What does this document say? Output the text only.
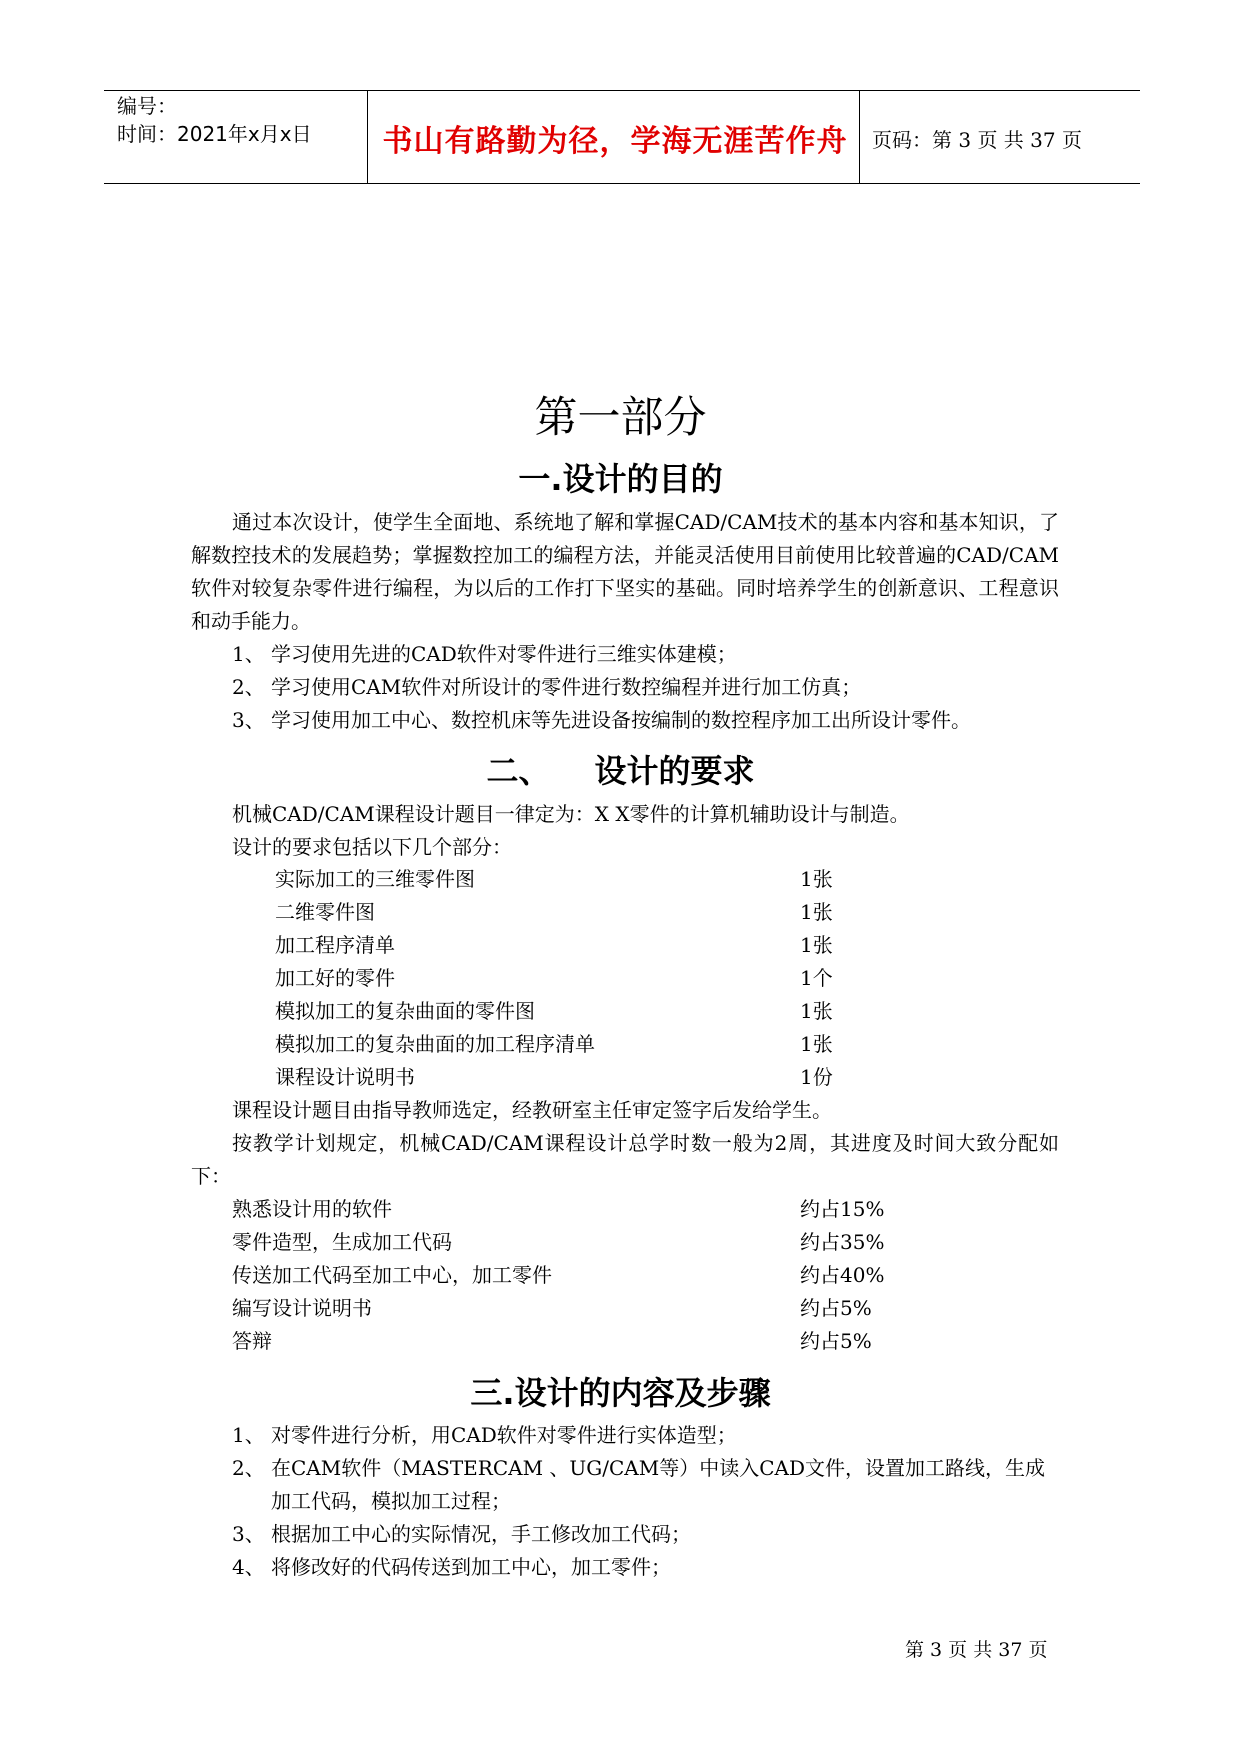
编号：
时间：2021年x月x日	书山有路勤为径，学海无涯苦作舟	页码：第 3 页 共 37 页
第一部分
一.设计的目的
通过本次设计，使学生全面地、系统地了解和掌握CAD/CAM技术的基本内容和基本知识，了解数控技术的发展趋势；掌握数控加工的编程方法，并能灵活使用目前使用比较普遍的CAD/CAM软件对较复杂零件进行编程，为以后的工作打下坚实的基础。同时培养学生的创新意识、工程意识和动手能力。
1、 学习使用先进的CAD软件对零件进行三维实体建模；
2、 学习使用CAM软件对所设计的零件进行数控编程并进行加工仿真；
3、 学习使用加工中心、数控机床等先进设备按编制的数控程序加工出所设计零件。
二、 设计的要求
机械CAD/CAM课程设计题目一律定为：X X零件的计算机辅助设计与制造。
设计的要求包括以下几个部分：
实际加工的三维零件图	1张
二维零件图	1张
加工程序清单	1张
加工好的零件	1个
模拟加工的复杂曲面的零件图	1张
模拟加工的复杂曲面的加工程序清单	1张
课程设计说明书	1份
课程设计题目由指导教师选定，经教研室主任审定签字后发给学生。
按教学计划规定，机械CAD/CAM课程设计总学时数一般为2周，其进度及时间大致分配如下：
熟悉设计用的软件	约占15%
零件造型，生成加工代码	约占35%
传送加工代码至加工中心，加工零件	约占40%
编写设计说明书	约占5%
答辩	约占5%
三.设计的内容及步骤
1、 对零件进行分析，用CAD软件对零件进行实体造型；
2、 在CAM软件（MASTERCAM 、UG/CAM等）中读入CAD文件，设置加工路线，生成加工代码，模拟加工过程；
3、 根据加工中心的实际情况，手工修改加工代码；
4、 将修改好的代码传送到加工中心，加工零件；
第 3 页 共 37 页
